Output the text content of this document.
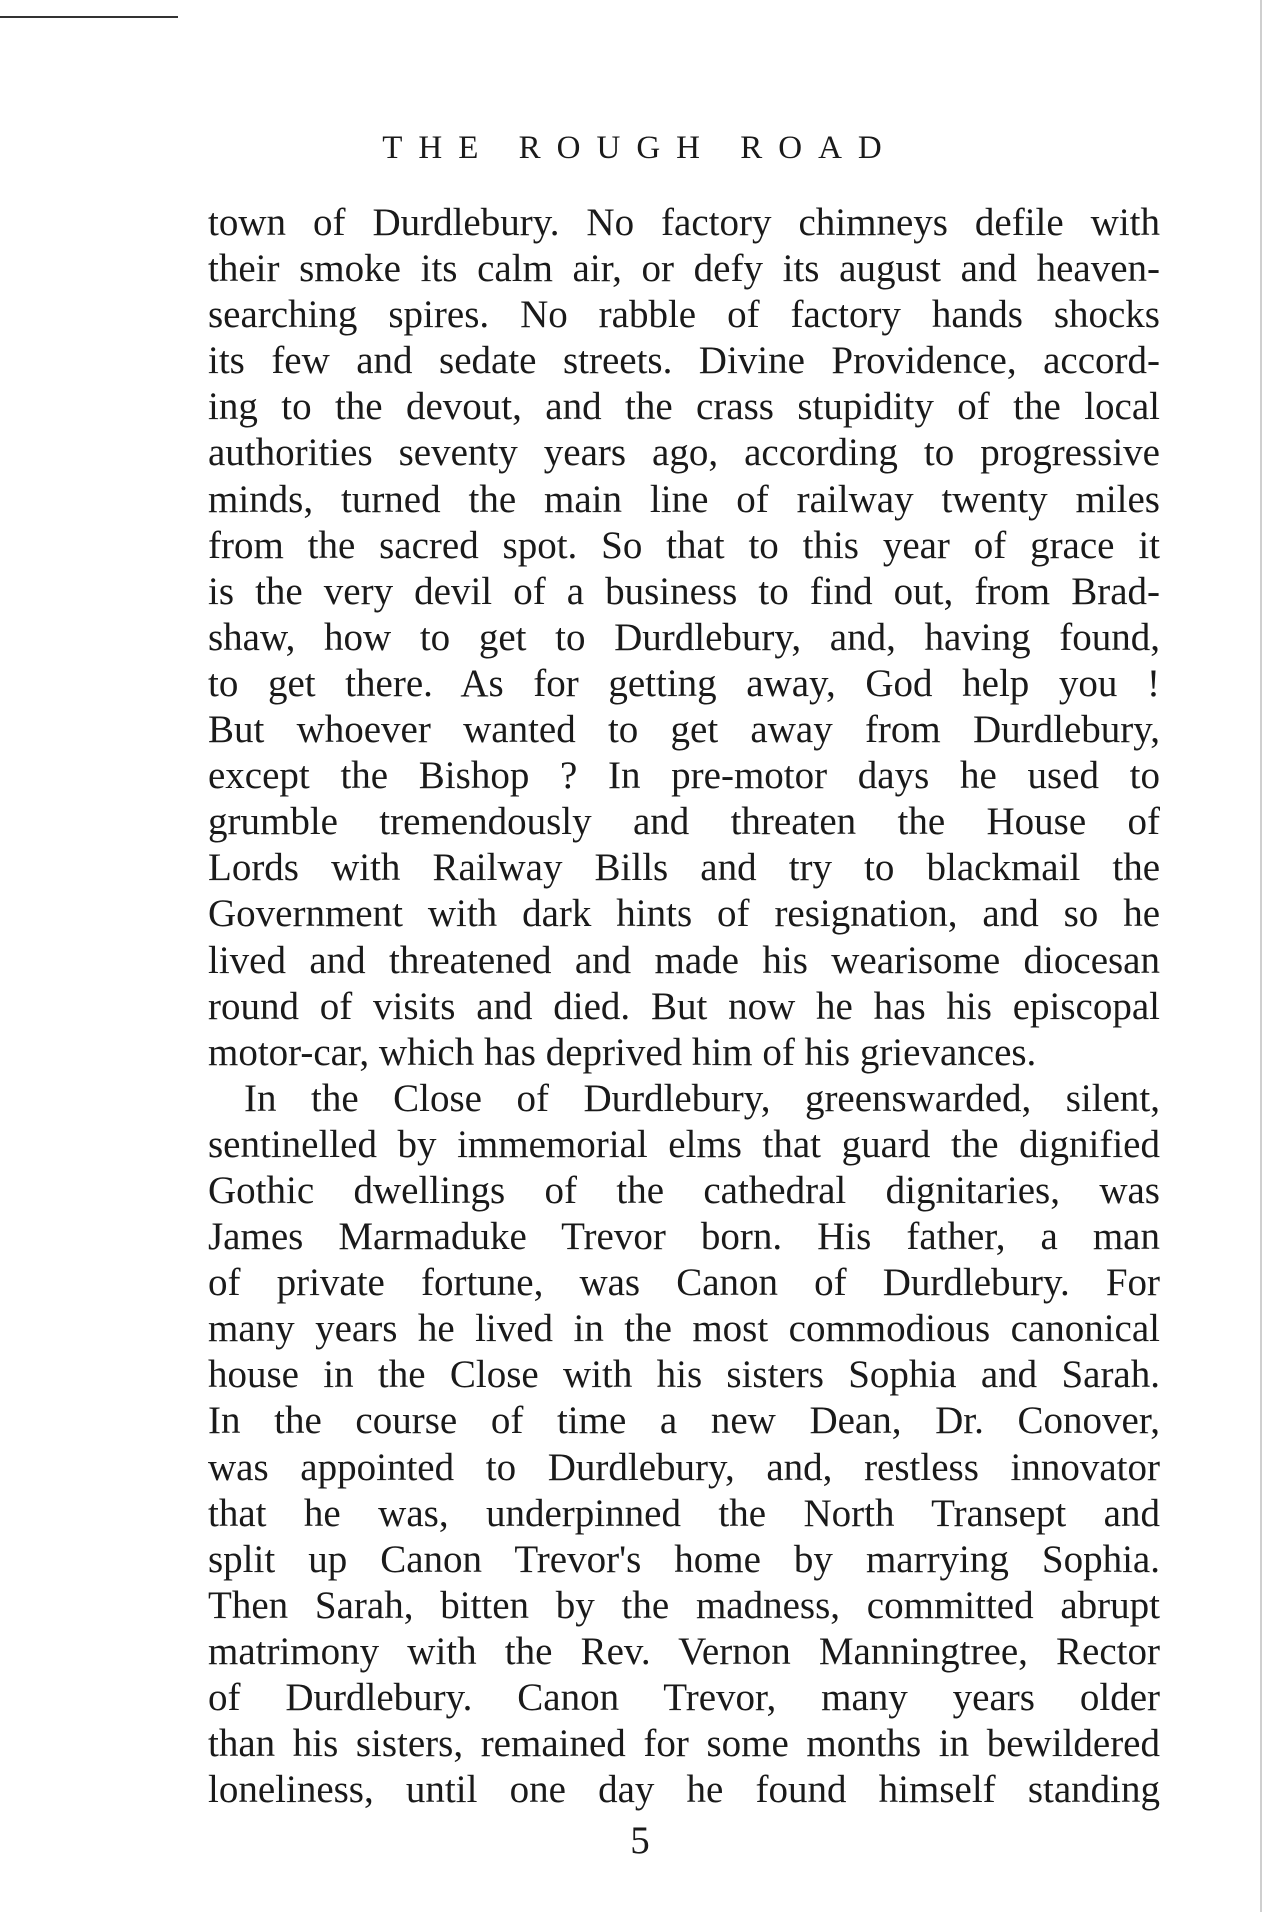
THE ROUGH ROAD
town of Durdlebury. No factory chimneys defile with
their smoke its calm air, or defy its august and heaven-
searching spires. No rabble of factory hands shocks
its few and sedate streets. Divine Providence, accord-
ing to the devout, and the crass stupidity of the local
authorities seventy years ago, according to progressive
minds, turned the main line of railway twenty miles
from the sacred spot. So that to this year of grace it
is the very devil of a business to find out, from Brad-
shaw, how to get to Durdlebury, and, having found,
to get there. As for getting away, God help you !
But whoever wanted to get away from Durdlebury,
except the Bishop ? In pre-motor days he used to
grumble tremendously and threaten the House of
Lords with Railway Bills and try to blackmail the
Government with dark hints of resignation, and so he
lived and threatened and made his wearisome diocesan
round of visits and died. But now he has his episcopal
motor-car, which has deprived him of his grievances.
In the Close of Durdlebury, greenswarded, silent,
sentinelled by immemorial elms that guard the dignified
Gothic dwellings of the cathedral dignitaries, was
James Marmaduke Trevor born. His father, a man
of private fortune, was Canon of Durdlebury. For
many years he lived in the most commodious canonical
house in the Close with his sisters Sophia and Sarah.
In the course of time a new Dean, Dr. Conover,
was appointed to Durdlebury, and, restless innovator
that he was, underpinned the North Transept and
split up Canon Trevor's home by marrying Sophia.
Then Sarah, bitten by the madness, committed abrupt
matrimony with the Rev. Vernon Manningtree, Rector
of Durdlebury. Canon Trevor, many years older
than his sisters, remained for some months in bewildered
loneliness, until one day he found himself standing

5
